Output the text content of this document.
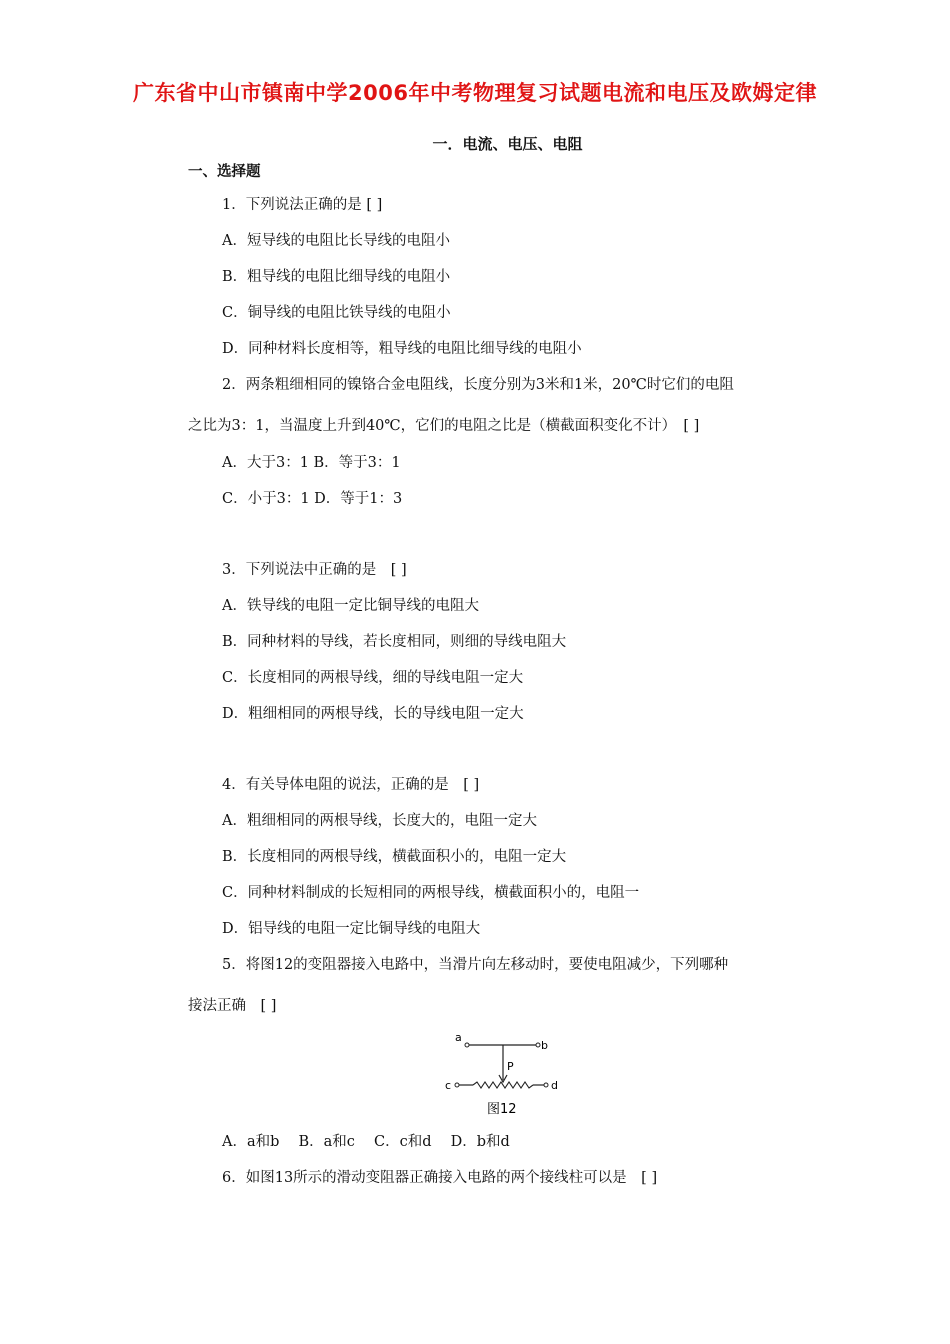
广东省中山市镇南中学2006年中考物理复习试题电流和电压及欧姆定律
一．电流、电压、电阻
一、选择题
1．下列说法正确的是 [ ]
A．短导线的电阻比长导线的电阻小
B．粗导线的电阻比细导线的电阻小
C．铜导线的电阻比铁导线的电阻小
D．同种材料长度相等，粗导线的电阻比细导线的电阻小
2．两条粗细相同的镍铬合金电阻线，长度分别为3米和1米，20℃时它们的电阻
之比为3：1，当温度上升到40℃，它们的电阻之比是（横截面积变化不计）　[ ]
A．大于3：1 B．等于3：1
C．小于3：1 D．等于1：3
3．下列说法中正确的是　[ ]
A．铁导线的电阻一定比铜导线的电阻大
B．同种材料的导线，若长度相同，则细的导线电阻大
C．长度相同的两根导线，细的导线电阻一定大
D．粗细相同的两根导线，长的导线电阻一定大
4．有关导体电阻的说法，正确的是　[ ]
A．粗细相同的两根导线，长度大的，电阻一定大
B．长度相同的两根导线，横截面积小的，电阻一定大
C．同种材料制成的长短相同的两根导线，横截面积小的，电阻一
D．铝导线的电阻一定比铜导线的电阻大
5．将图12的变阻器接入电路中，当滑片向左移动时，要使电阻减少，下列哪种
接法正确　[ ]
a
b
P
c	d
图12
A．a和b　 B．a和c　 C．c和d　 D．b和d
6．如图13所示的滑动变阻器正确接入电路的两个接线柱可以是　[ ]
